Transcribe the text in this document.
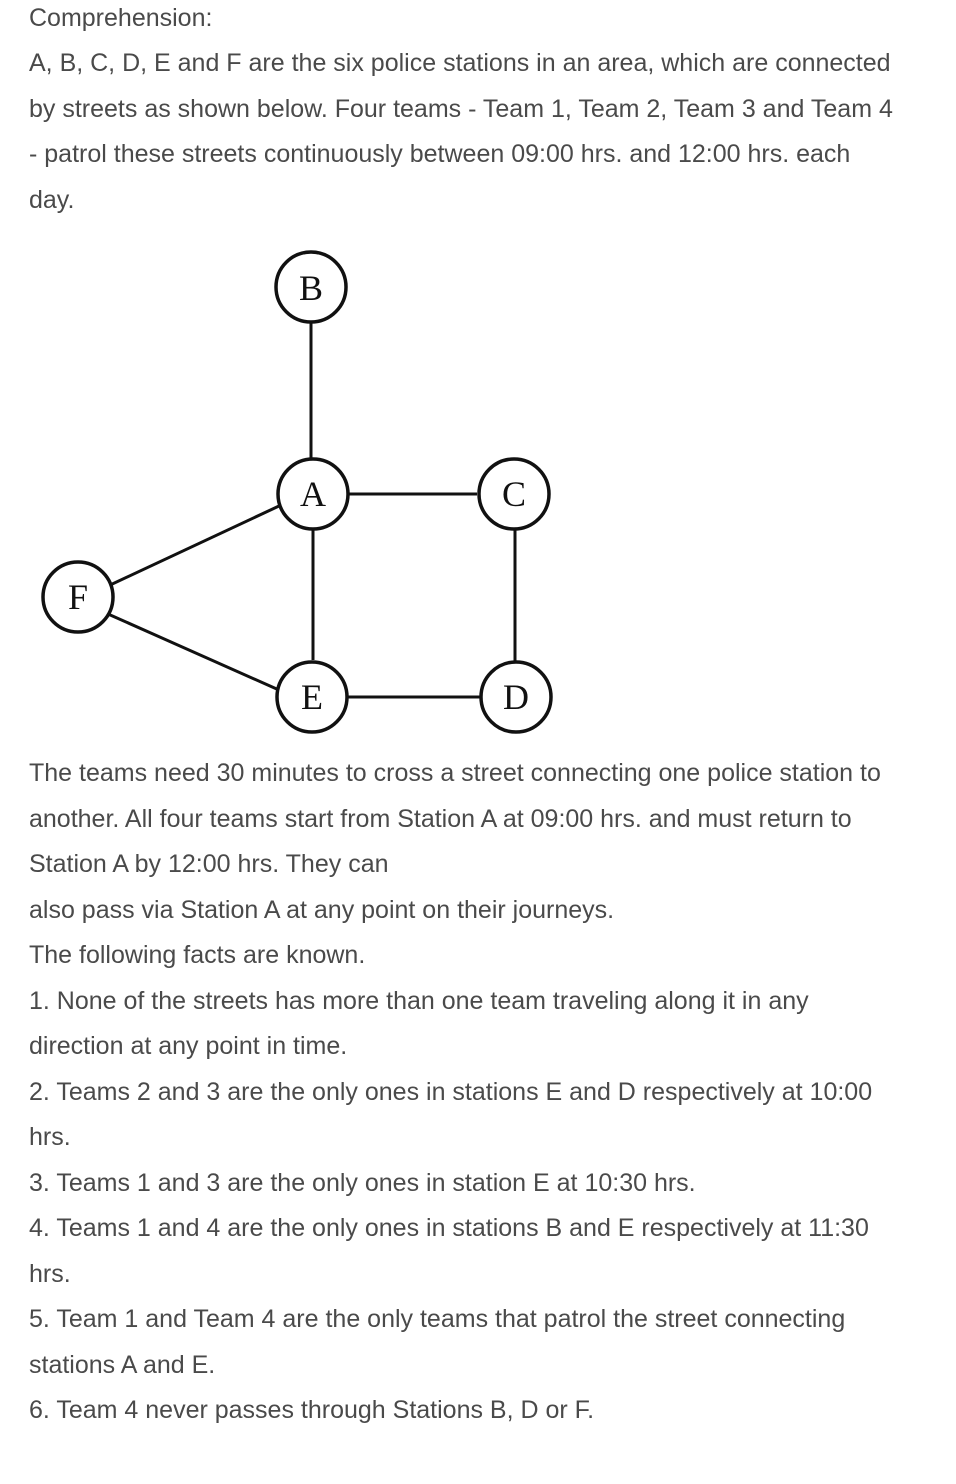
Comprehension:

A, B, C, D, E and F are the six police stations in an area, which are connected

by streets as shown below. Four teams - Team 1, Team 2, Team 3 and Team 4

- patrol these streets continuously between 09:00 hrs. and 12:00 hrs. each

day.

B
A	C
F
E	D

The teams need 30 minutes to cross a street connecting one police station to

another. All four teams start from Station A at 09:00 hrs. and must return to

Station A by 12:00 hrs. They can

also pass via Station A at any point on their journeys.

The following facts are known.

1. None of the streets has more than one team traveling along it in any

direction at any point in time.

2. Teams 2 and 3 are the only ones in stations E and D respectively at 10:00

hrs.

3. Teams 1 and 3 are the only ones in station E at 10:30 hrs.

4. Teams 1 and 4 are the only ones in stations B and E respectively at 11:30

hrs.

5. Team 1 and Team 4 are the only teams that patrol the street connecting

stations A and E.

6. Team 4 never passes through Stations B, D or F.
